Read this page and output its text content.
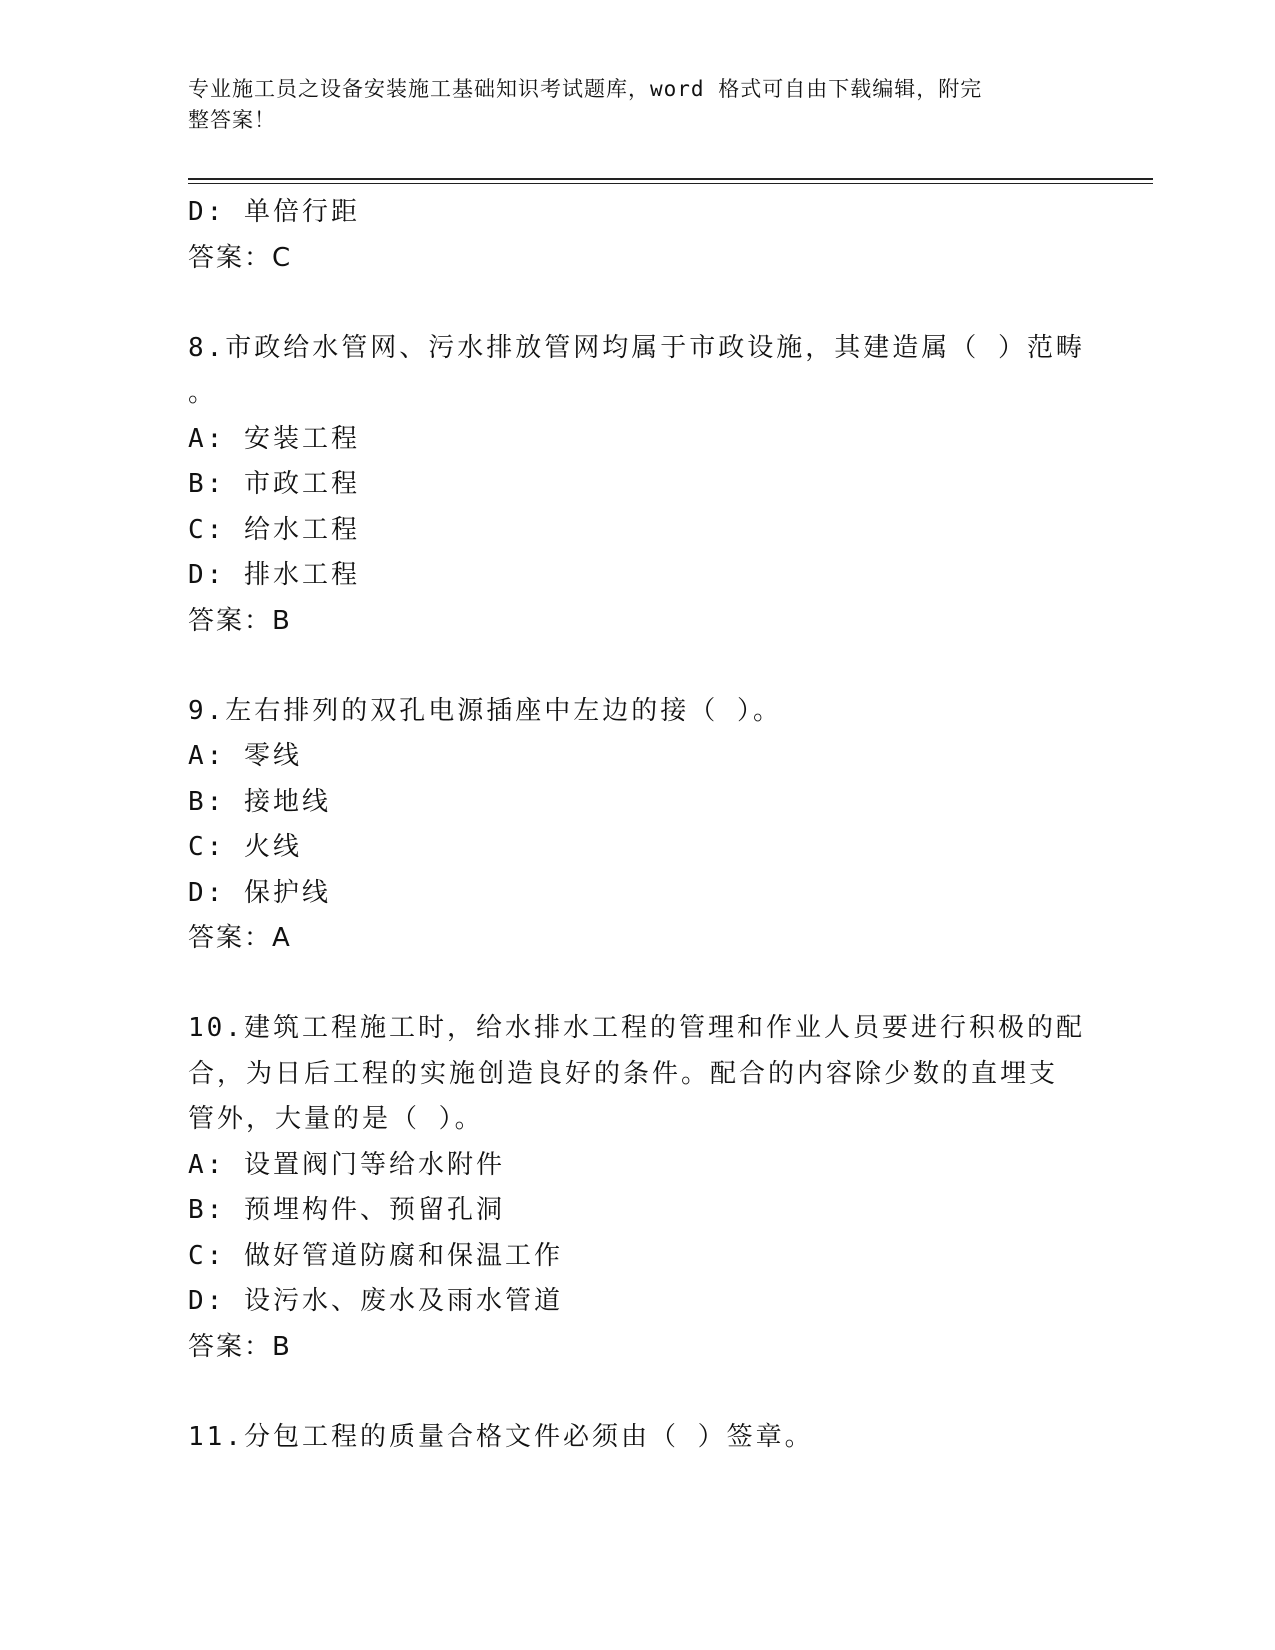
专业施工员之设备安装施工基础知识考试题库，word 格式可自由下载编辑，附完
整答案！
D: 单倍行距
答案：C
8.市政给水管网、污水排放管网均属于市政设施，其建造属（ ）范畴
。
A: 安装工程
B: 市政工程
C: 给水工程
D: 排水工程
答案：B
9.左右排列的双孔电源插座中左边的接（ ）。
A: 零线
B: 接地线
C: 火线
D: 保护线
答案：A
10.建筑工程施工时，给水排水工程的管理和作业人员要进行积极的配
合，为日后工程的实施创造良好的条件。配合的内容除少数的直埋支
管外，大量的是（ ）。
A: 设置阀门等给水附件
B: 预埋构件、预留孔洞
C: 做好管道防腐和保温工作
D: 设污水、废水及雨水管道
答案：B
11.分包工程的质量合格文件必须由（ ）签章。
